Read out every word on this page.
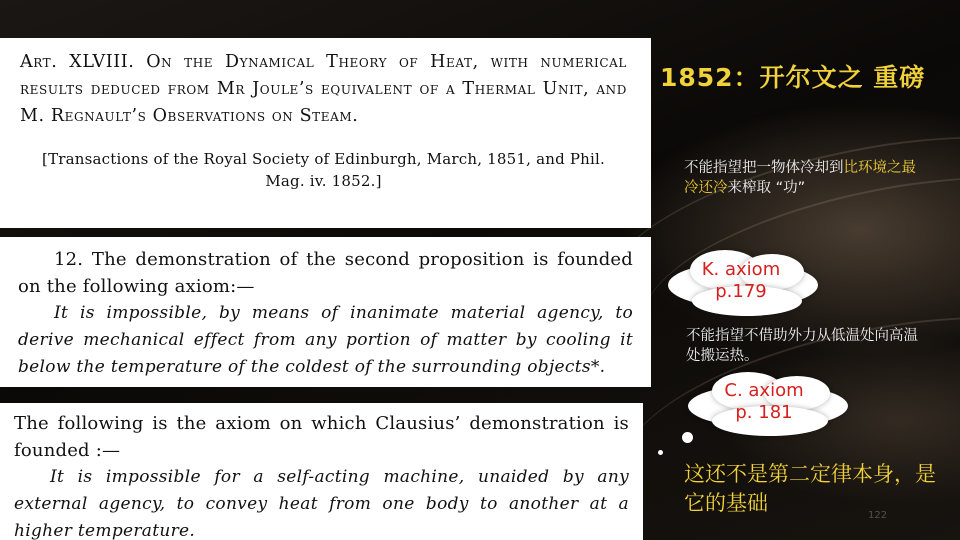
Art. XLVIII. On the Dynamical Theory of Heat, with numerical results deduced from Mr Joule’s equivalent of a Thermal Unit, and M. Regnault’s Observations on Steam.

[Transactions of the Royal Society of Edinburgh, March, 1851, and Phil.
Mag. iv. 1852.]

12. The demonstration of the second proposition is founded on the following axiom:—

It is impossible, by means of inanimate material agency, to derive mechanical effect from any portion of matter by cooling it below the temperature of the coldest of the surrounding objects*.

The following is the axiom on which Clausius’ demonstration is founded :—

It is impossible for a self-acting machine, unaided by any external agency, to convey heat from one body to another at a higher temperature.

1852：开尔文之 重磅

不能指望把一物体冷却到比环境之最冷还冷来榨取 “功”

K. axiom
p.179

不能指望不借助外力从低温处向高温处搬运热。

C. axiom
p. 181

这还不是第二定律本身，是它的基础

122
